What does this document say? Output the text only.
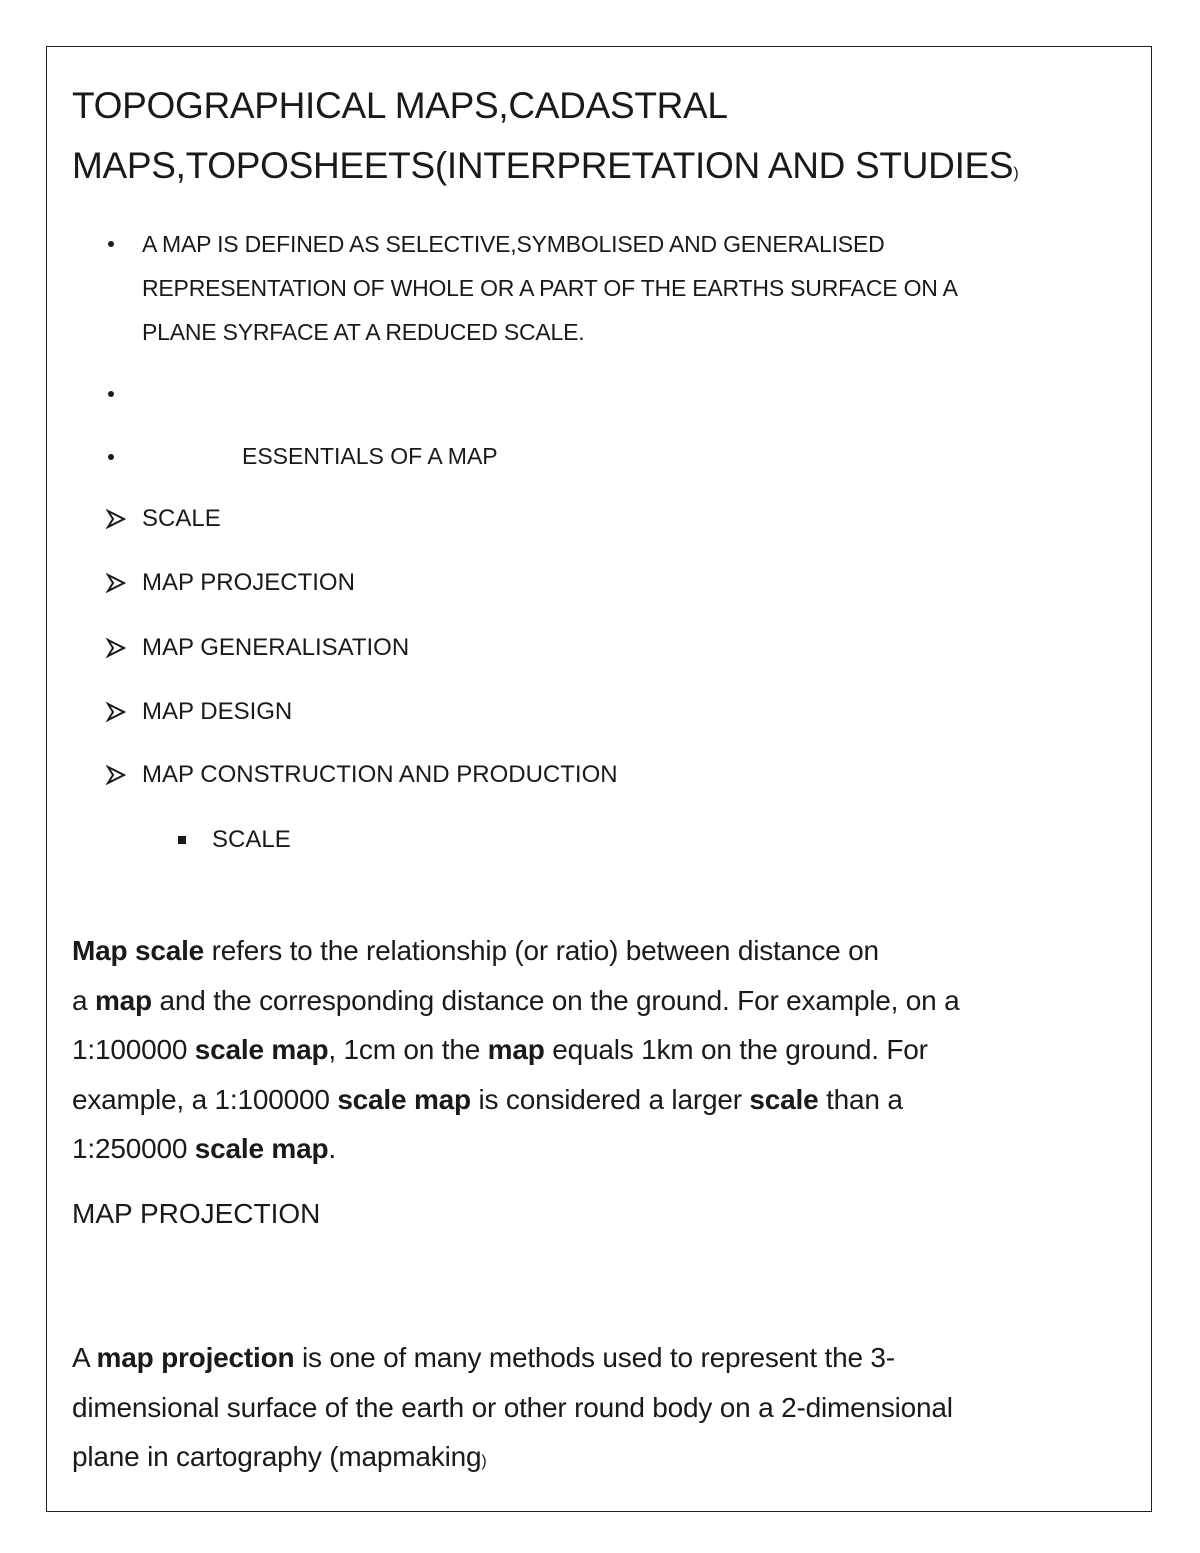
TOPOGRAPHICAL MAPS,CADASTRAL
MAPS,TOPOSHEETS(INTERPRETATION AND STUDIES)
A MAP IS DEFINED AS SELECTIVE,SYMBOLISED AND GENERALISED
REPRESENTATION OF WHOLE OR A PART OF THE EARTHS SURFACE ON A
PLANE SYRFACE AT A REDUCED SCALE.
ESSENTIALS OF A MAP
SCALE
MAP PROJECTION
MAP GENERALISATION
MAP DESIGN
MAP CONSTRUCTION AND PRODUCTION
SCALE

Map scale refers to the relationship (or ratio) between distance on
a map and the corresponding distance on the ground. For example, on a
1:100000 scale map, 1cm on the map equals 1km on the ground. For
example, a 1:100000 scale map is considered a larger scale than a
1:250000 scale map.

MAP PROJECTION

A map projection is one of many methods used to represent the 3-
dimensional surface of the earth or other round body on a 2-dimensional
plane in cartography (mapmaking)
